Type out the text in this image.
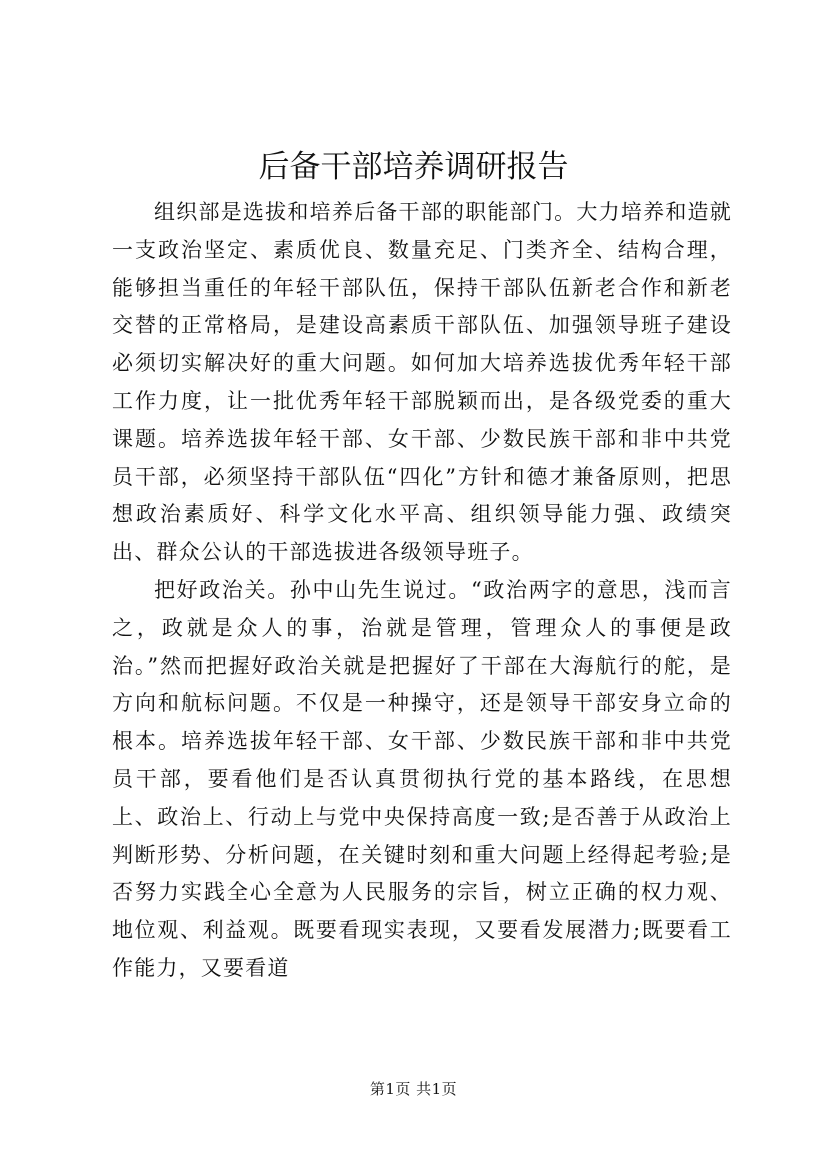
后备干部培养调研报告

组织部是选拔和培养后备干部的职能部门。大力培养和造就一支政治坚定、素质优良、数量充足、门类齐全、结构合理，能够担当重任的年轻干部队伍，保持干部队伍新老合作和新老交替的正常格局，是建设高素质干部队伍、加强领导班子建设必须切实解决好的重大问题。如何加大培养选拔优秀年轻干部工作力度，让一批优秀年轻干部脱颖而出，是各级党委的重大课题。培养选拔年轻干部、女干部、少数民族干部和非中共党员干部，必须坚持干部队伍“四化”方针和德才兼备原则，把思想政治素质好、科学文化水平高、组织领导能力强、政绩突出、群众公认的干部选拔进各级领导班子。

把好政治关。孙中山先生说过。“政治两字的意思，浅而言之，政就是众人的事，治就是管理，管理众人的事便是政治。”然而把握好政治关就是把握好了干部在大海航行的舵，是方向和航标问题。不仅是一种操守，还是领导干部安身立命的根本。培养选拔年轻干部、女干部、少数民族干部和非中共党员干部，要看他们是否认真贯彻执行党的基本路线，在思想上、政治上、行动上与党中央保持高度一致;是否善于从政治上判断形势、分析问题，在关键时刻和重大问题上经得起考验;是否努力实践全心全意为人民服务的宗旨，树立正确的权力观、地位观、利益观。既要看现实表现，又要看发展潜力;既要看工作能力，又要看道

第1页 共1页
